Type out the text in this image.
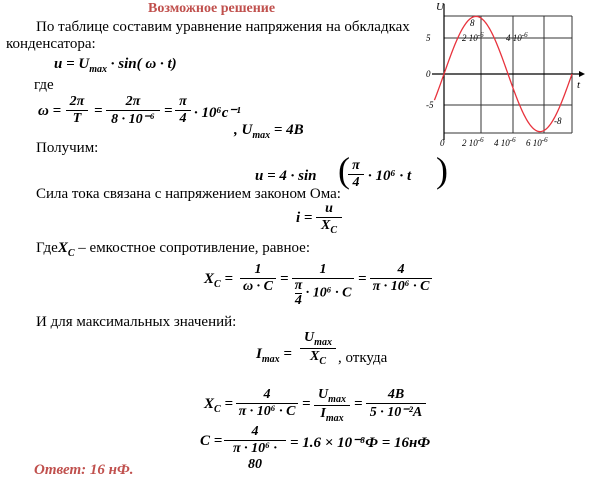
Возможное решение
По таблице составим уравнение напряжения на обкладках
конденсатора:
$u = U_{max} \cdot \sin$( ω · t)
где
$\omega = \frac{2\pi}{T} = \frac{2\pi}{\text{8 · 10⁻⁶}} = \frac{\pi}{4} \cdot 10^6c^{-1}$
, $U_{max} = 4B$
Получим:
u = 4 · sin (
$\frac{\pi}{4} \cdot 10^6 \cdot t$ )
Сила тока связана с напряжением законом Ома:
$i = \frac{u}{X_C}$
ГдеX$_C$ – емкостное сопротивление, равное:
$X_C = \frac{1}{\omega \cdot C} = \frac{1}{\frac{\pi}{4} \cdot 10^6 \cdot C} = \frac{4}{\text{π · 10⁶ · C}}$
И для максимальных значений:
$I_{max}$ =
$U_{max}$
$X_C$ , откуда
$X_C = \frac{4}{\text{π · 10⁶ · C}}$ =
$U_{max}$
$I_{max}$
= $\frac{4B}{\text{5 · 10⁻²A}}$
$C = \frac{4}{\text{π · 10⁶ · 80}} = 1.6 \times 10^{-8}Ф = 16нФ$
Ответ: 16 нФ.
U
t
5
0
-5
0 2 $10^{-6}$ 4 $10^{-6}$ 6 $10^{-6}$
2 $10^{-6}$ 4 $10^{-6}$
8
-8
